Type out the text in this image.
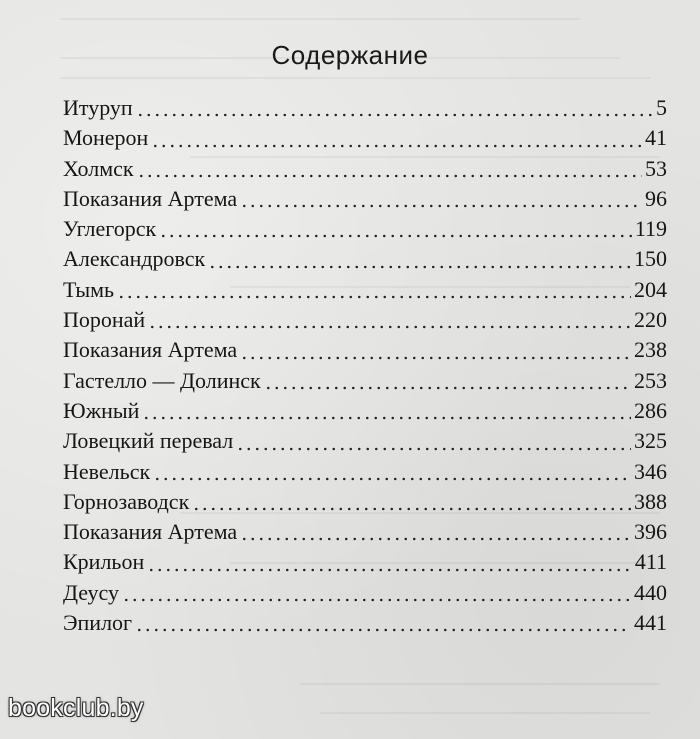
Содержание
Итуруп	5
Монерон	41
Холмск	53
Показания Артема	96
Углегорск	119
Александровск	150
Тымь	204
Поронай	220
Показания Артема	238
Гастелло — Долинск	253
Южный	286
Ловецкий перевал	325
Невельск	346
Горнозаводск	388
Показания Артема	396
Крильон	411
Деусу	440
Эпилог	441
bookclub.by
